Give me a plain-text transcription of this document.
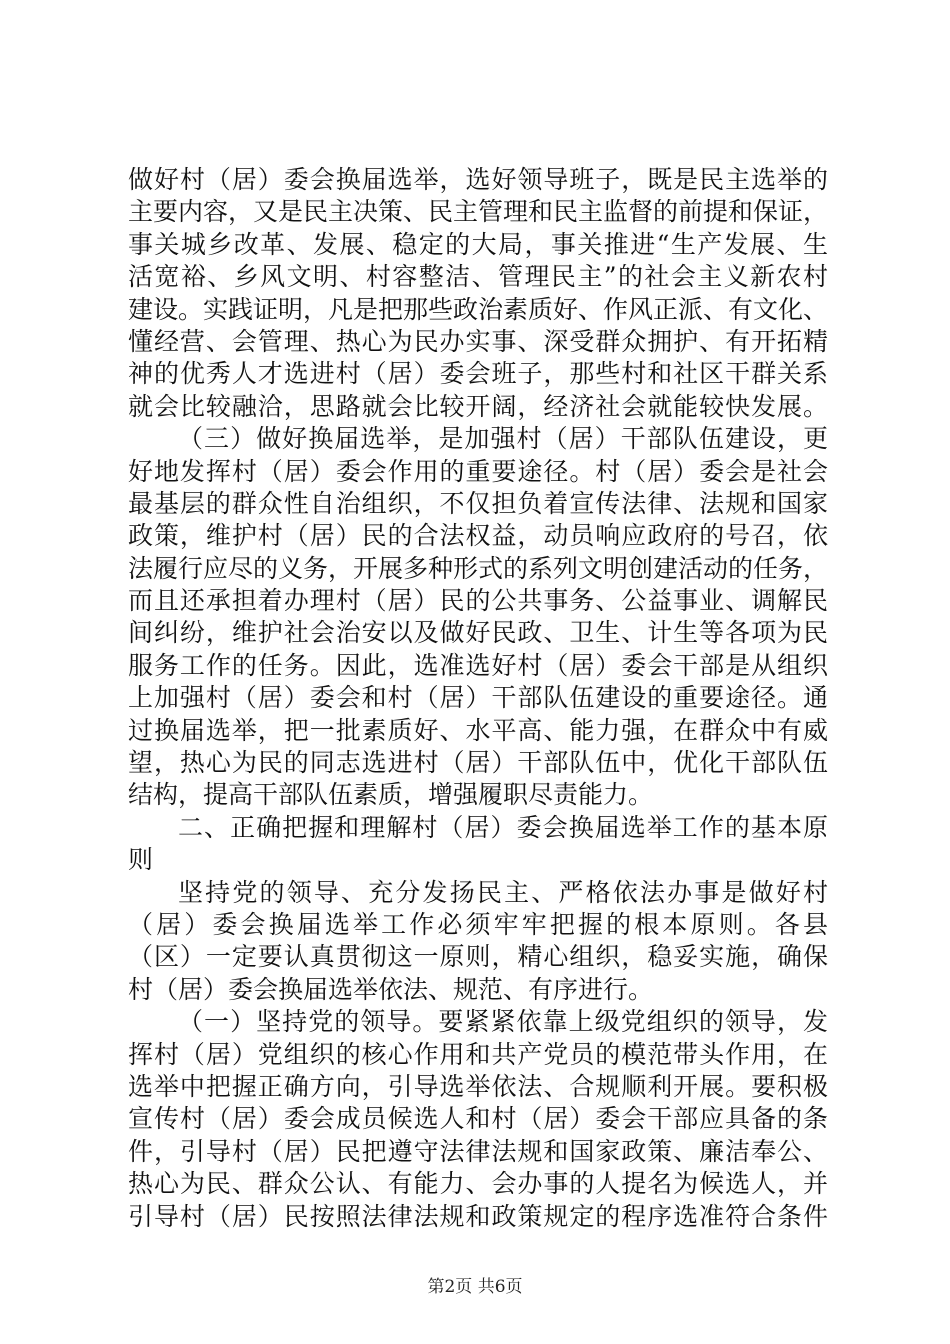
做好村（居）委会换届选举，选好领导班子，既是民主选举的
主要内容，又是民主决策、民主管理和民主监督的前提和保证，
事关城乡改革、发展、稳定的大局，事关推进“生产发展、生
活宽裕、乡风文明、村容整洁、管理民主”的社会主义新农村
建设。实践证明，凡是把那些政治素质好、作风正派、有文化、
懂经营、会管理、热心为民办实事、深受群众拥护、有开拓精
神的优秀人才选进村（居）委会班子，那些村和社区干群关系
就会比较融洽，思路就会比较开阔，经济社会就能较快发展。
（三）做好换届选举，是加强村（居）干部队伍建设，更
好地发挥村（居）委会作用的重要途径。村（居）委会是社会
最基层的群众性自治组织，不仅担负着宣传法律、法规和国家
政策，维护村（居）民的合法权益，动员响应政府的号召，依
法履行应尽的义务，开展多种形式的系列文明创建活动的任务，
而且还承担着办理村（居）民的公共事务、公益事业、调解民
间纠纷，维护社会治安以及做好民政、卫生、计生等各项为民
服务工作的任务。因此，选准选好村（居）委会干部是从组织
上加强村（居）委会和村（居）干部队伍建设的重要途径。通
过换届选举，把一批素质好、水平高、能力强，在群众中有威
望，热心为民的同志选进村（居）干部队伍中，优化干部队伍
结构，提高干部队伍素质，增强履职尽责能力。
二、正确把握和理解村（居）委会换届选举工作的基本原
则
坚持党的领导、充分发扬民主、严格依法办事是做好村
（居）委会换届选举工作必须牢牢把握的根本原则。各县
（区）一定要认真贯彻这一原则，精心组织，稳妥实施，确保
村（居）委会换届选举依法、规范、有序进行。
（一）坚持党的领导。要紧紧依靠上级党组织的领导，发
挥村（居）党组织的核心作用和共产党员的模范带头作用，在
选举中把握正确方向，引导选举依法、合规顺利开展。要积极
宣传村（居）委会成员候选人和村（居）委会干部应具备的条
件，引导村（居）民把遵守法律法规和国家政策、廉洁奉公、
热心为民、群众公认、有能力、会办事的人提名为候选人，并
引导村（居）民按照法律法规和政策规定的程序选准符合条件
第2页 共6页
